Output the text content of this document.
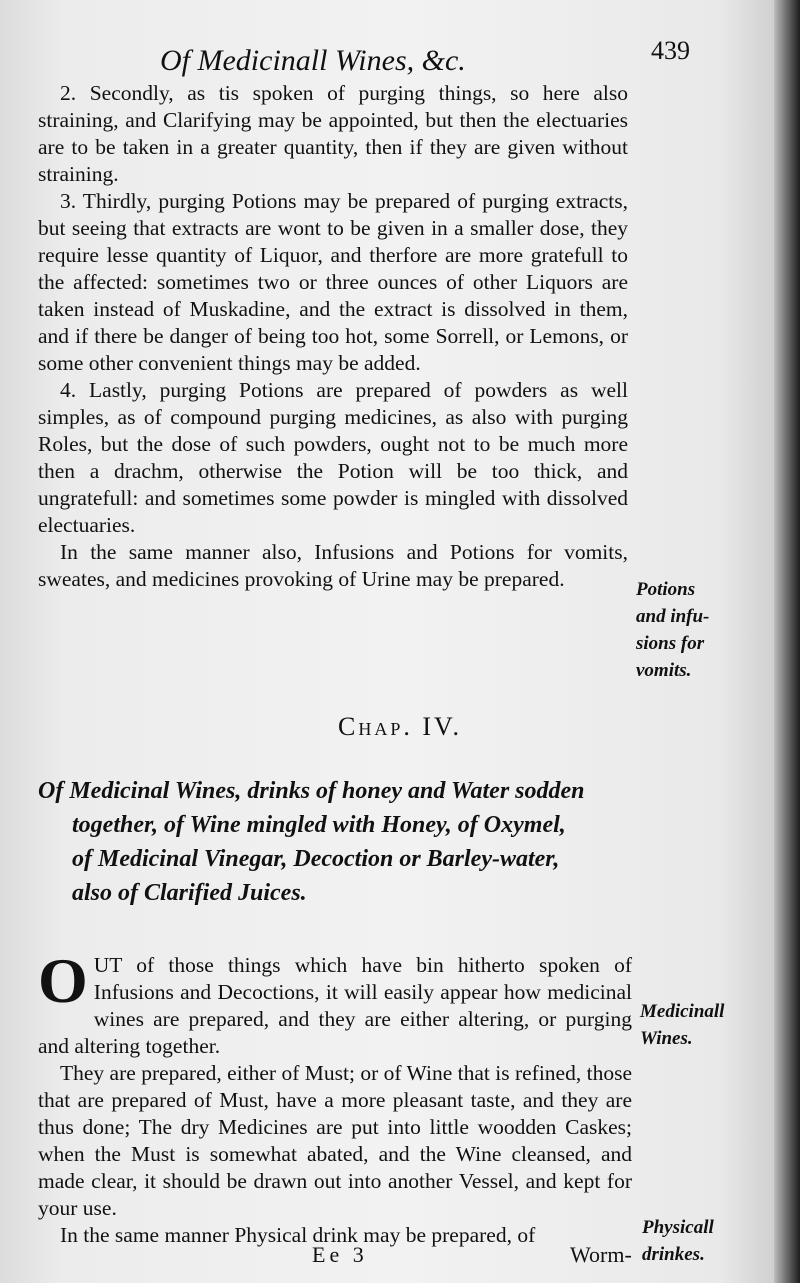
Of Medicinall Wines, &c.	439

2. Secondly, as tis spoken of purging things, so here also straining, and Clarifying may be appointed, but then the electuaries are to be taken in a greater quantity, then if they are given without straining.

3. Thirdly, purging Potions may be prepared of purging extracts, but seeing that extracts are wont to be given in a smaller dose, they require lesse quantity of Liquor, and therfore are more gratefull to the affected: sometimes two or three ounces of other Liquors are taken instead of Muskadine, and the extract is dissolved in them, and if there be danger of being too hot, some Sorrell, or Lemons, or some other convenient things may be added.

4. Lastly, purging Potions are prepared of powders as well simples, as of compound purging medicines, as also with purging Roles, but the dose of such powders, ought not to be much more then a drachm, otherwise the Potion will be too thick, and ungratefull: and sometimes some powder is mingled with dissolved electuaries.

In the same manner also, Infusions and Potions for vomits, sweates, and medicines provoking of Urine may be prepared.	Potions
and infu-
sions for
vomits.
Chap. IV.
Of Medicinal Wines, drinks of honey and Water sodden
together, of Wine mingled with Honey, of Oxymel,
of Medicinal Vinegar, Decoction or Barley-water,
also of Clarified Juices.

OUT of those things which have bin hitherto spoken of Infusions and Decoctions, it will easily appear how medicinal wines are prepared, and they are either altering, or purging and altering together.

They are prepared, either of Must; or of Wine that is refined, those that are prepared of Must, have a more pleasant taste, and they are thus done; The dry Medicines are put into little woodden Caskes; when the Must is somewhat abated, and the Wine cleansed, and made clear, it should be drawn out into another Vessel, and kept for your use.

In the same manner Physical drink may be prepared, of

Medicinall
Wines.
Physicall
drinkes.
Ee 3	Worm-
